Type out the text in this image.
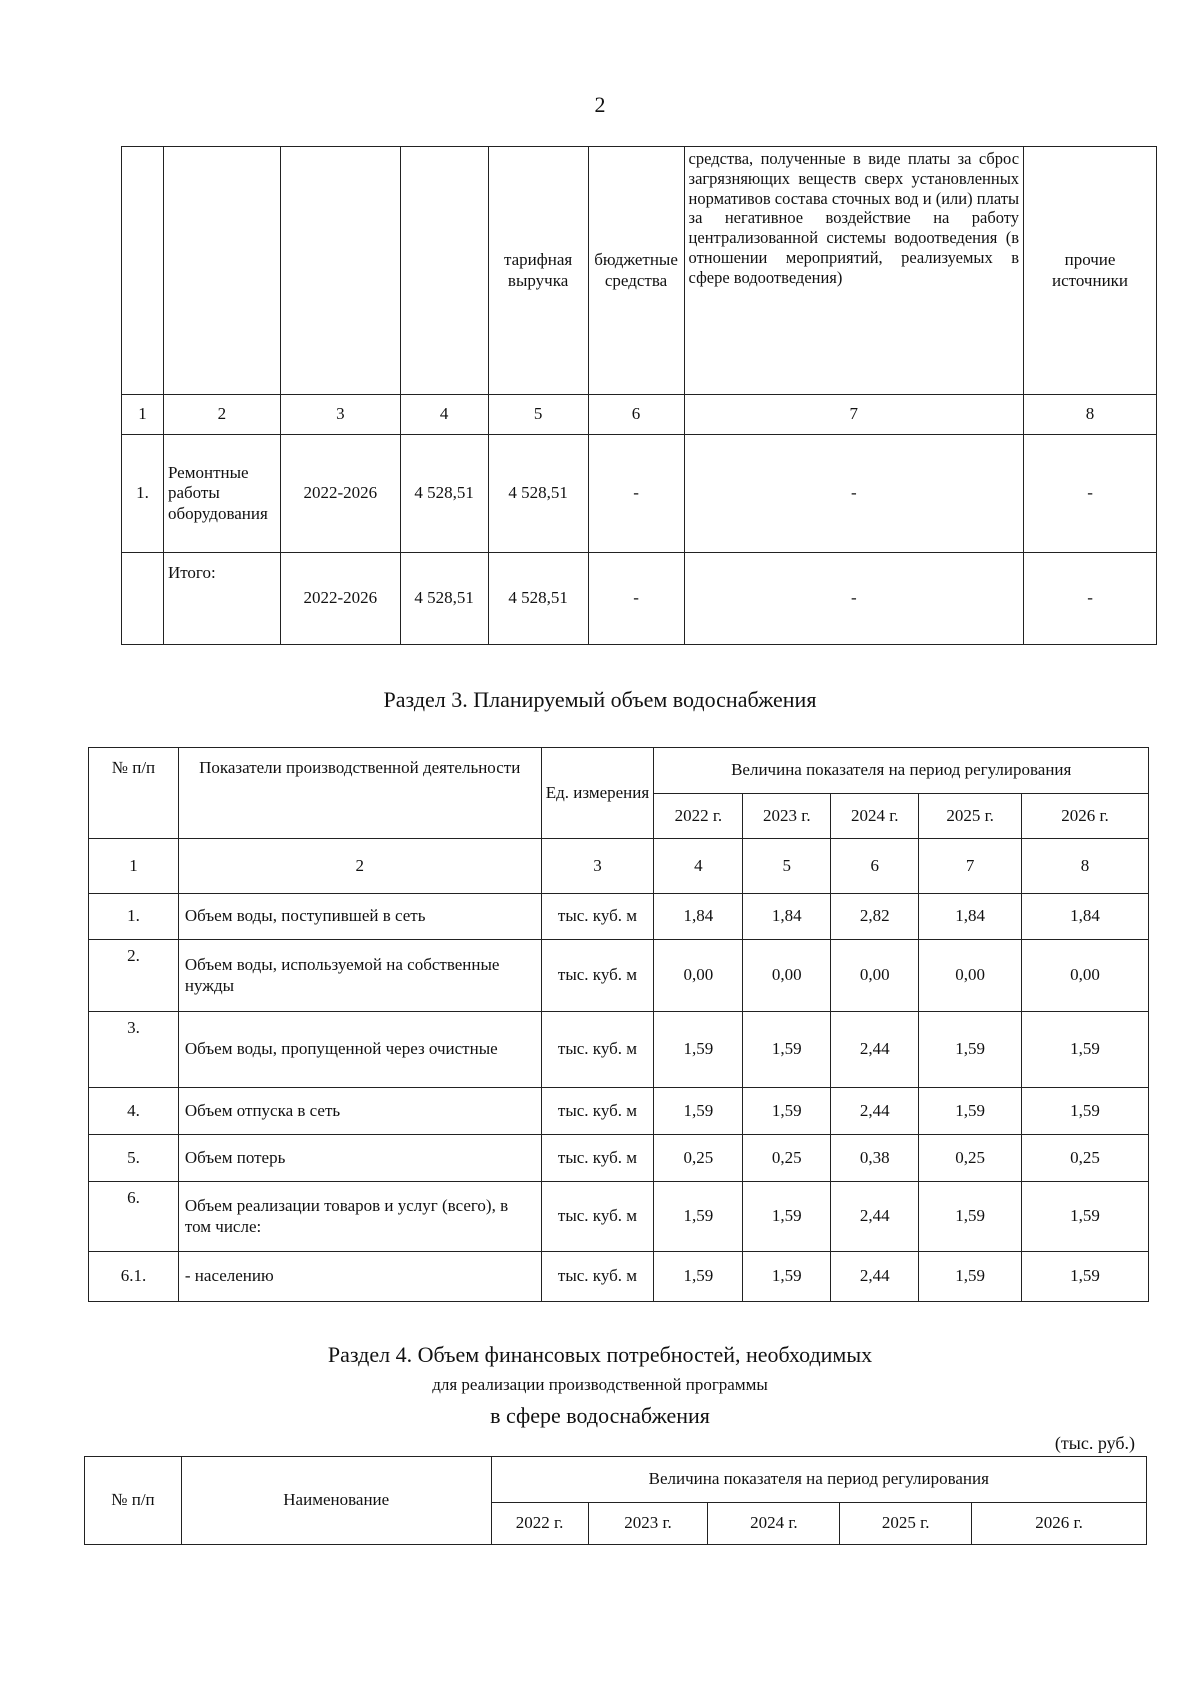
2
				тарифная выручка	бюджетные средства	средства, полученные в виде платы за сброс загрязняющих веществ сверх установленных нормативов состава сточных вод и (или) платы за негативное воздействие на работу централизованной системы водоотведения (в отношении мероприятий, реализуемых в сфере водоотведения)	прочие источники
1	2	3	4	5	6	7	8
1.	Ремонтные работы оборудования	2022-2026	4 528,51	4 528,51	-	-	-
	Итого:	2022-2026	4 528,51	4 528,51	-	-	-
Раздел 3. Планируемый объем водоснабжения
№ п/п	Показатели производственной деятельности	Ед. измерения	Величина показателя на период регулирования				
			2022 г.	2023 г.	2024 г.	2025 г.	2026 г.
1	2	3	4	5	6	7	8
1.	Объем воды, поступившей в сеть	тыс. куб. м	1,84	1,84	2,82	1,84	1,84
2.	Объем воды, используемой на собственные нужды	тыс. куб. м	0,00	0,00	0,00	0,00	0,00
3.	Объем воды, пропущенной через очистные	тыс. куб. м	1,59	1,59	2,44	1,59	1,59
4.	Объем отпуска в сеть	тыс. куб. м	1,59	1,59	2,44	1,59	1,59
5.	Объем потерь	тыс. куб. м	0,25	0,25	0,38	0,25	0,25
6.	Объем реализации товаров и услуг (всего), в том числе:	тыс. куб. м	1,59	1,59	2,44	1,59	1,59
6.1.	- населению	тыс. куб. м	1,59	1,59	2,44	1,59	1,59
Раздел 4. Объем финансовых потребностей, необходимых
для реализации производственной программы
в сфере водоснабжения
(тыс. руб.)
№ п/п	Наименование	Величина показателя на период регулирования				
		2022 г.	2023 г.	2024 г.	2025 г.	2026 г.
